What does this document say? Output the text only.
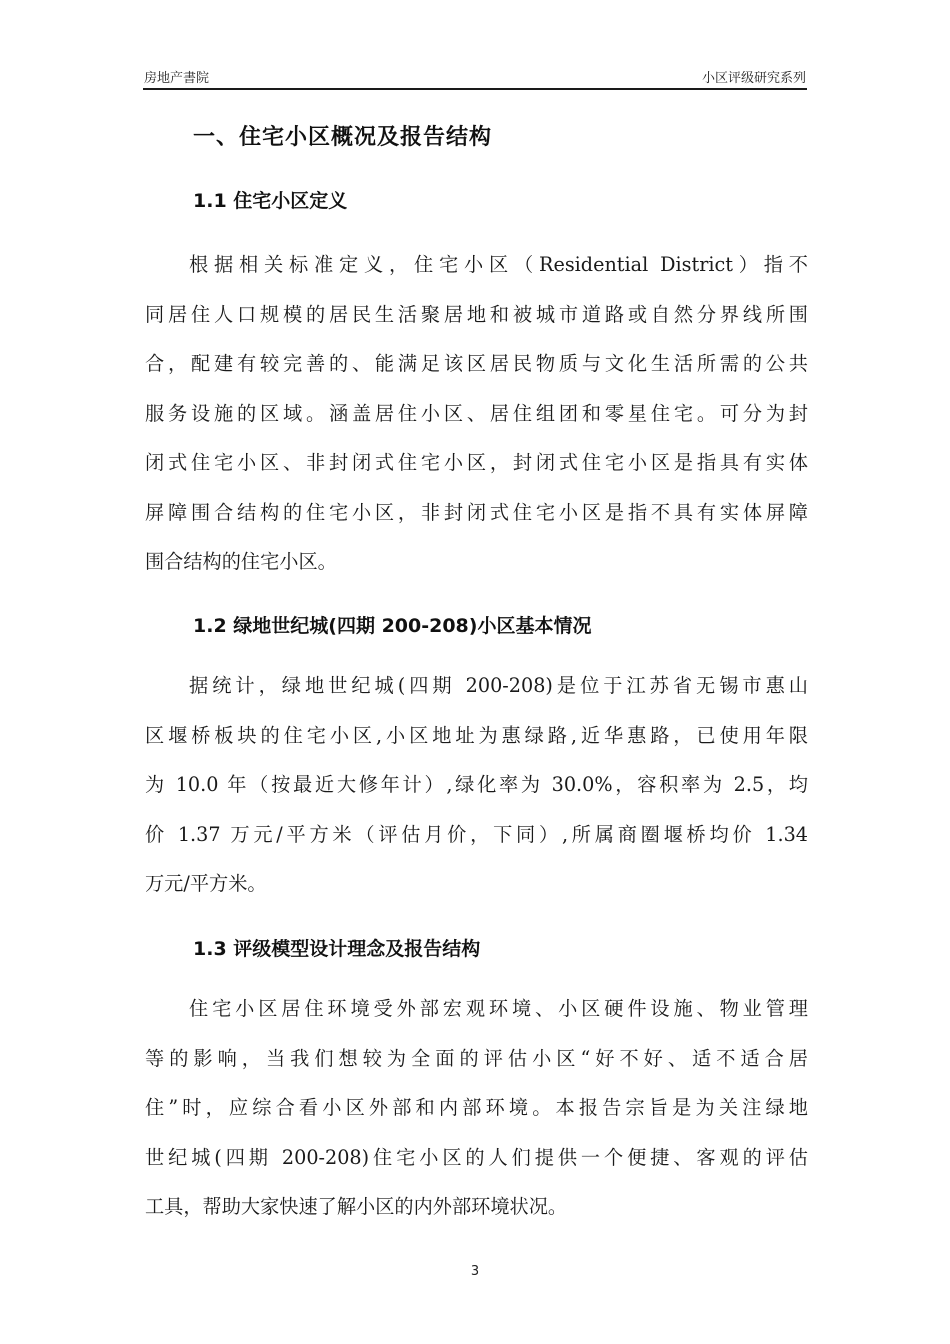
房地产書院	小区评级研究系列
一、住宅小区概况及报告结构
1.1 住宅小区定义
根据相关标准定义，住宅小区（Residential District）指不
同居住人口规模的居民生活聚居地和被城市道路或自然分界线所围
合，配建有较完善的、能满足该区居民物质与文化生活所需的公共
服务设施的区域。涵盖居住小区、居住组团和零星住宅。可分为封
闭式住宅小区、非封闭式住宅小区，封闭式住宅小区是指具有实体
屏障围合结构的住宅小区，非封闭式住宅小区是指不具有实体屏障
围合结构的住宅小区。
1.2 绿地世纪城(四期 200-208)小区基本情况
据统计，绿地世纪城(四期 200-208)是位于江苏省无锡市惠山
区堰桥板块的住宅小区,小区地址为惠绿路,近华惠路，已使用年限
为 10.0 年（按最近大修年计）,绿化率为 30.0%，容积率为 2.5，均
价 1.37 万元/平方米（评估月价，下同）,所属商圈堰桥均价 1.34
万元/平方米。
1.3 评级模型设计理念及报告结构
住宅小区居住环境受外部宏观环境、小区硬件设施、物业管理
等的影响，当我们想较为全面的评估小区“好不好、适不适合居
住”时，应综合看小区外部和内部环境。本报告宗旨是为关注绿地
世纪城(四期 200-208)住宅小区的人们提供一个便捷、客观的评估
工具，帮助大家快速了解小区的内外部环境状况。
3
